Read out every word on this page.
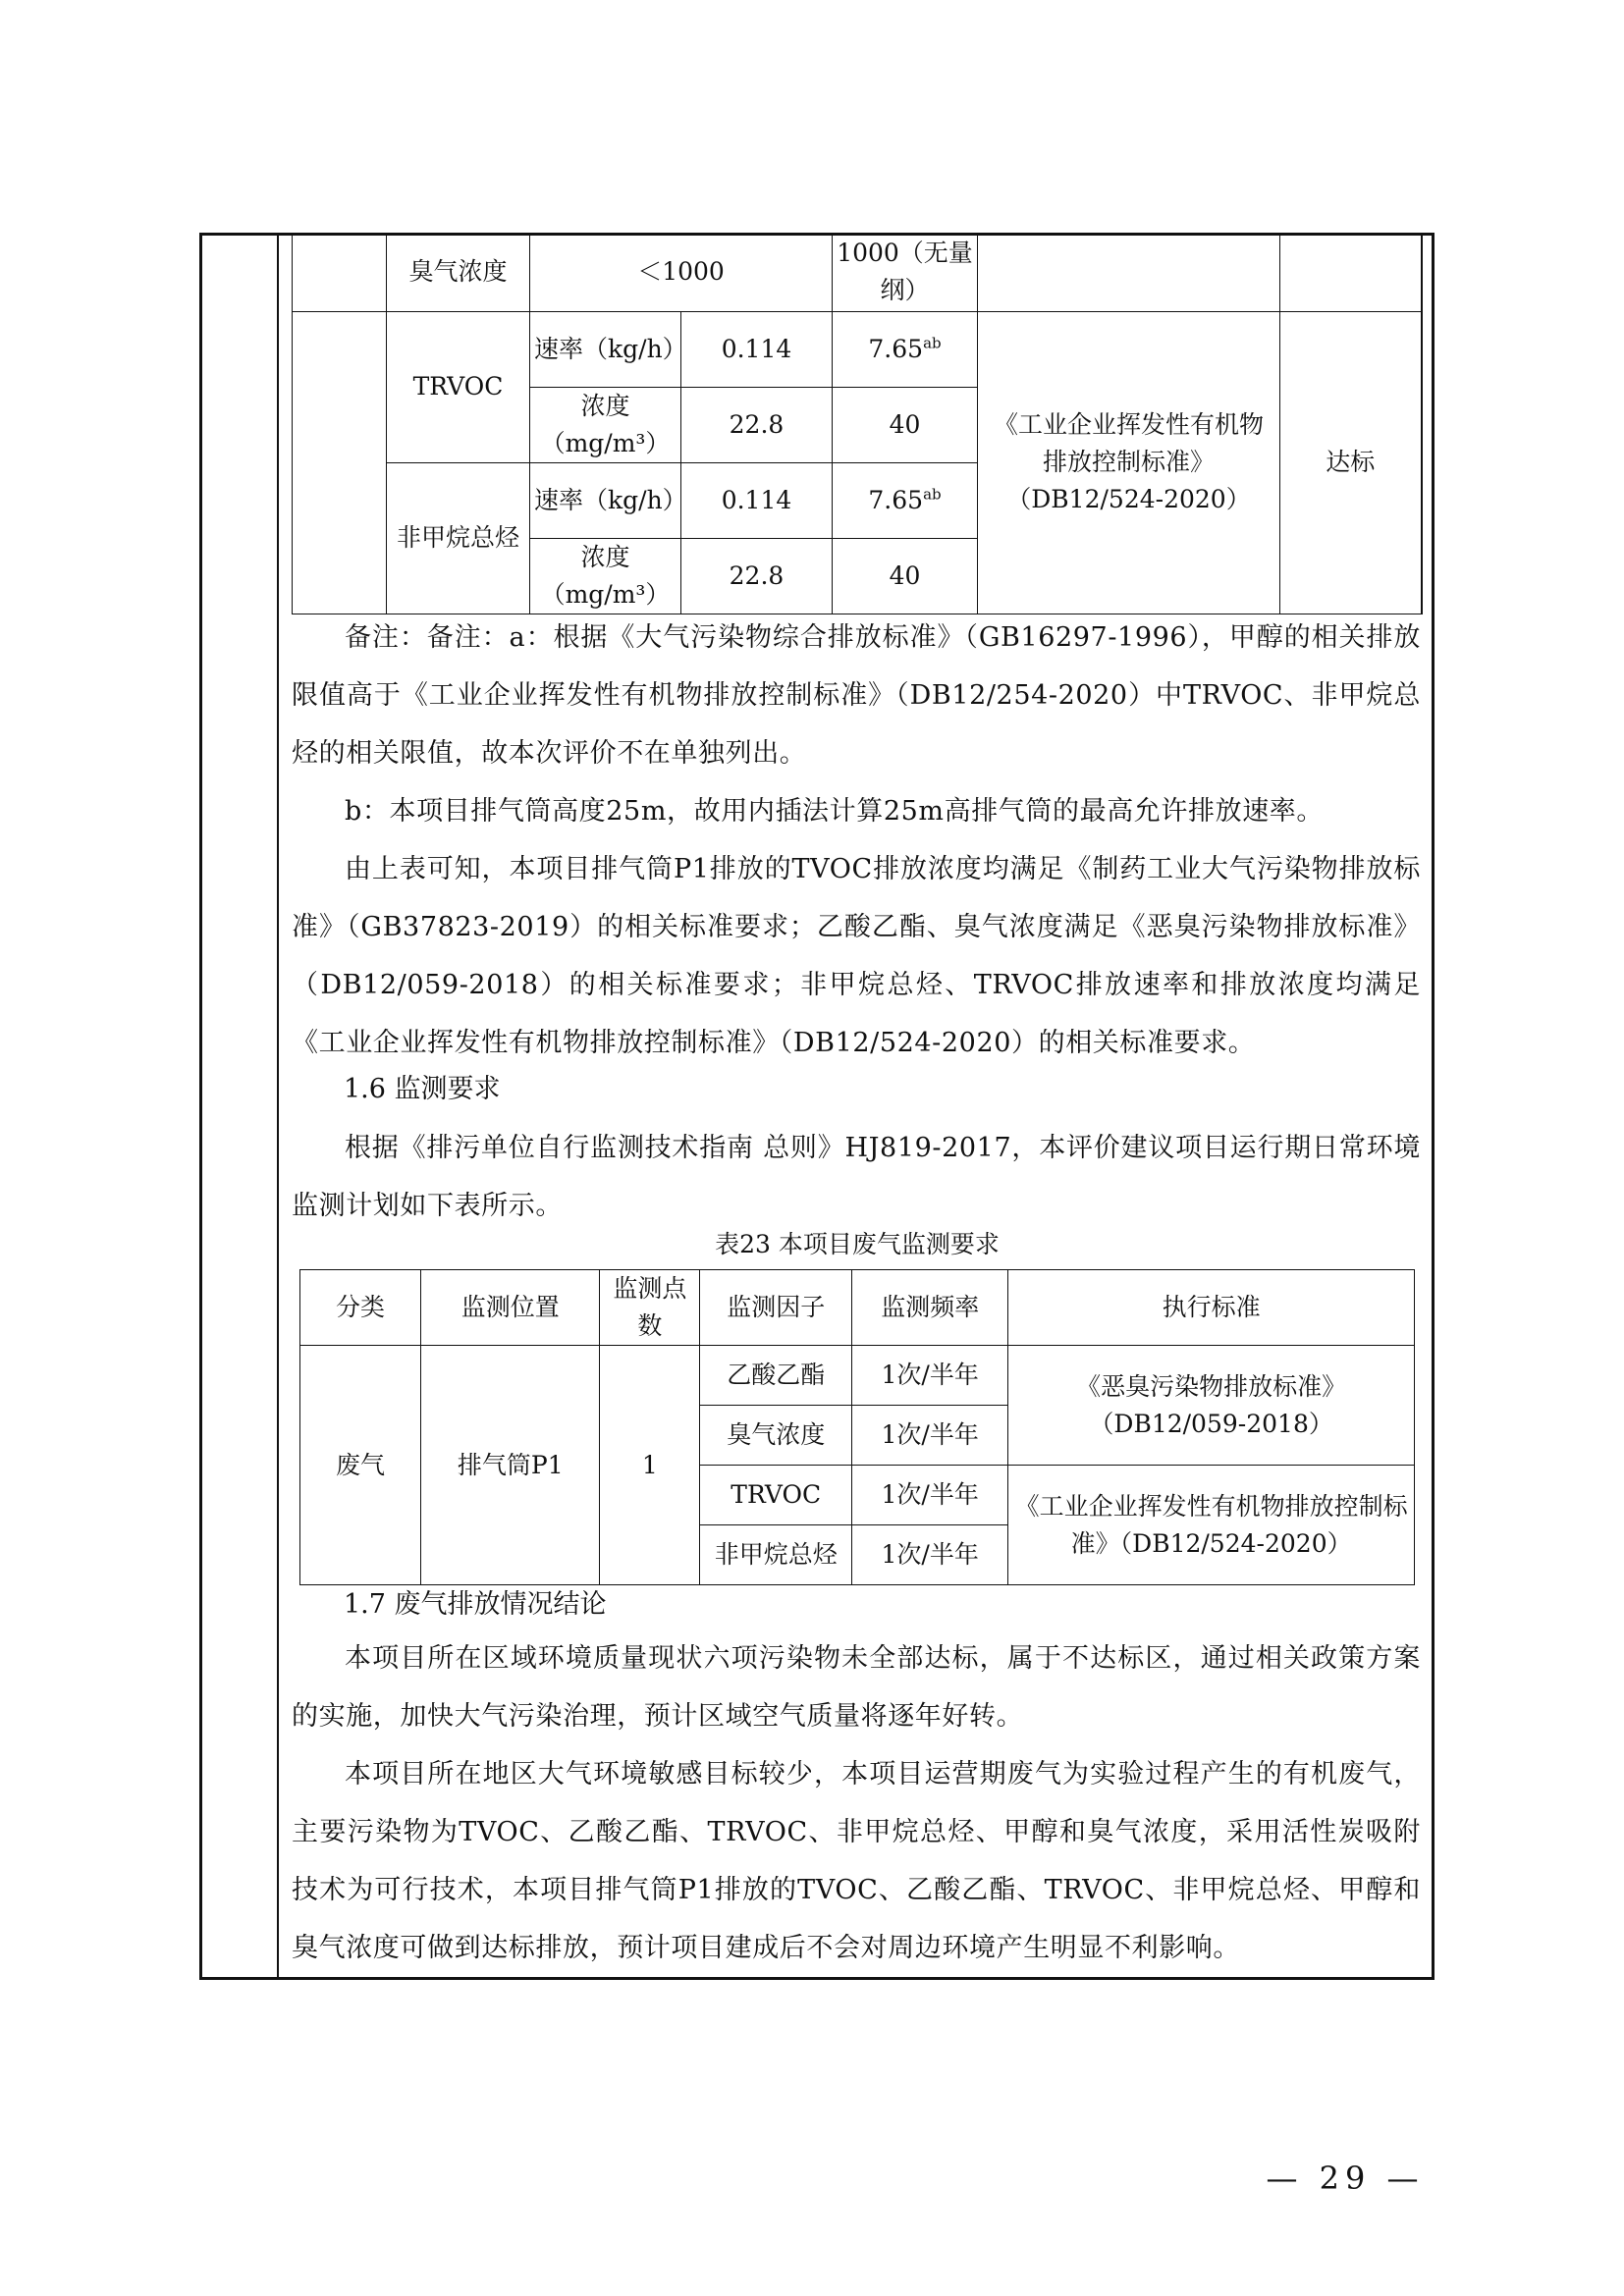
	臭气浓度	＜1000		1000（无量纲）		
	TRVOC	速率（kg/h）	0.114	7.65$^{ab}$	《工业企业挥发性有机物排放控制标准》（DB12/524-2020）	达标
		浓度（mg/m³）	22.8	40		
	非甲烷总烃	速率（kg/h）	0.114	7.65$^{ab}$
		浓度（mg/m³）	22.8	40		

备注：备注：a：根据《大气污染物综合排放标准》（GB16297-1996），甲醇的相关排放限值高于《工业企业挥发性有机物排放控制标准》（DB12/254-2020）中TRVOC、非甲烷总烃的相关限值，故本次评价不在单独列出。

b：本项目排气筒高度25m，故用内插法计算25m高排气筒的最高允许排放速率。

由上表可知，本项目排气筒P1排放的TVOC排放浓度均满足《制药工业大气污染物排放标准》（GB37823-2019）的相关标准要求；乙酸乙酯、臭气浓度满足《恶臭污染物排放标准》（DB12/059-2018）的相关标准要求；非甲烷总烃、TRVOC排放速率和排放浓度均满足《工业企业挥发性有机物排放控制标准》（DB12/524-2020）的相关标准要求。

1.6 监测要求

根据《排污单位自行监测技术指南 总则》HJ819-2017，本评价建议项目运行期日常环境监测计划如下表所示。

表23 本项目废气监测要求
分类	监测位置	监测点数	监测因子	监测频率	执行标准
废气	排气筒P1	1	乙酸乙酯	1次/半年	《恶臭污染物排放标准》（DB12/059-2018）
			臭气浓度	1次/半年	
			TRVOC	1次/半年	《工业企业挥发性有机物排放控制标准》（DB12/524-2020）
			非甲烷总烃	1次/半年	

1.7 废气排放情况结论

本项目所在区域环境质量现状六项污染物未全部达标，属于不达标区，通过相关政策方案的实施，加快大气污染治理，预计区域空气质量将逐年好转。

本项目所在地区大气环境敏感目标较少，本项目运营期废气为实验过程产生的有机废气，主要污染物为TVOC、乙酸乙酯、TRVOC、非甲烷总烃、甲醇和臭气浓度，采用活性炭吸附技术为可行技术，本项目排气筒P1排放的TVOC、乙酸乙酯、TRVOC、非甲烷总烃、甲醇和臭气浓度可做到达标排放，预计项目建成后不会对周边环境产生明显不利影响。

— 29 —
